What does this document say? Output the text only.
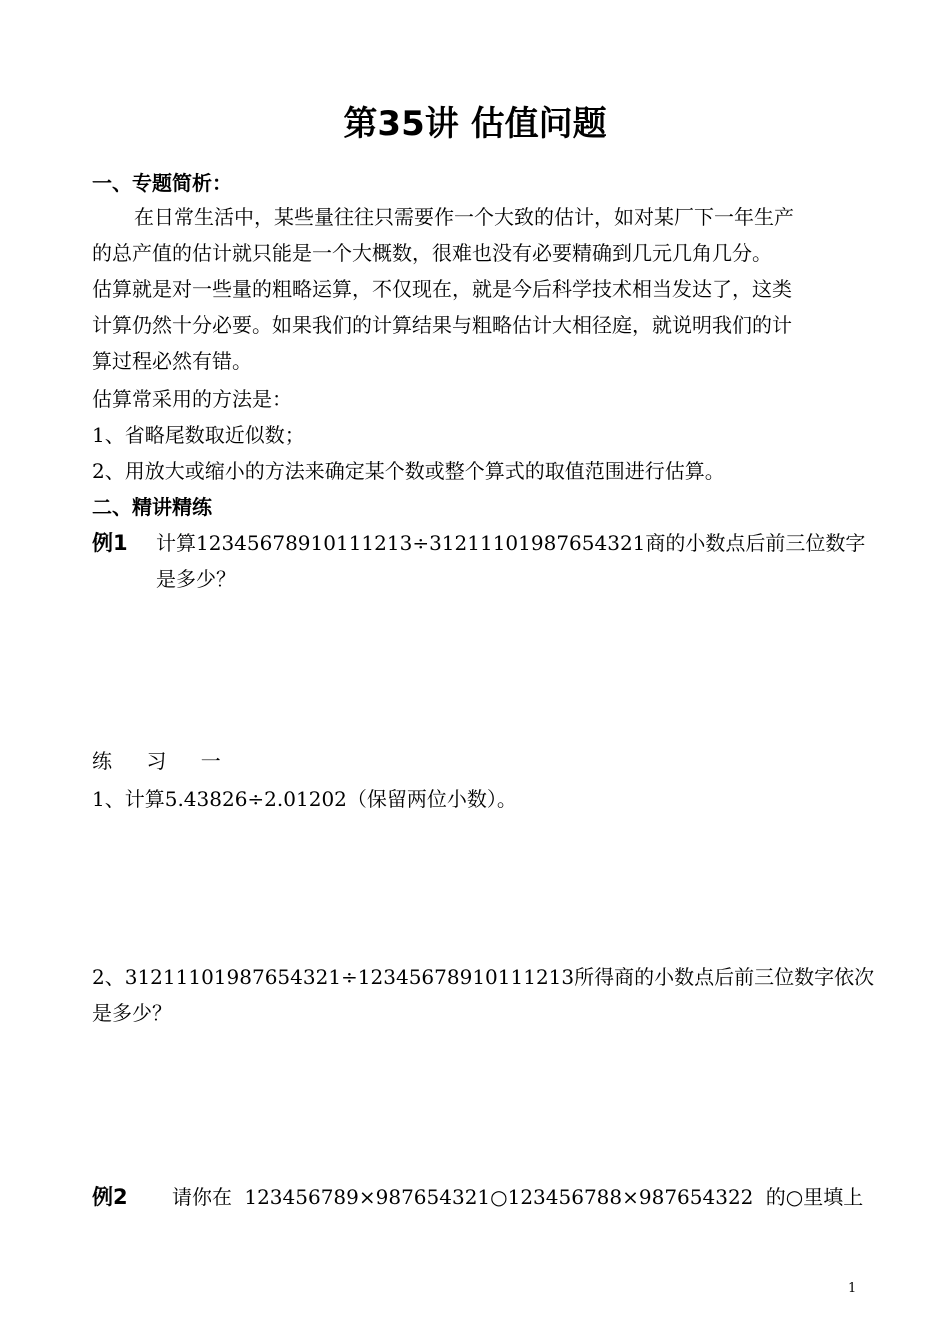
第35讲 估值问题
一、专题简析：
在日常生活中，某些量往往只需要作一个大致的估计，如对某厂下一年生产
的总产值的估计就只能是一个大概数，很难也没有必要精确到几元几角几分。
估算就是对一些量的粗略运算，不仅现在，就是今后科学技术相当发达了，这类
计算仍然十分必要。如果我们的计算结果与粗略估计大相径庭，就说明我们的计
算过程必然有错。
估算常采用的方法是：
1、省略尾数取近似数；
2、用放大或缩小的方法来确定某个数或整个算式的取值范围进行估算。
二、精讲精练
例1 计算12345678910111213÷31211101987654321商的小数点后前三位数字
是多少？
练 习 一
1、计算5.43826÷2.01202（保留两位小数）。
2、31211101987654321÷12345678910111213所得商的小数点后前三位数字依次
是多少？
例2 请你在 123456789×987654321○123456788×987654322 的○里填上
1
